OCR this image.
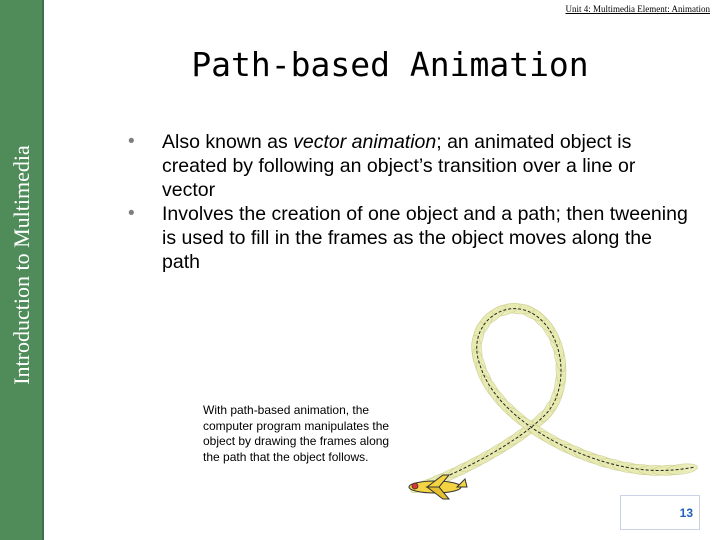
Introduction to Multimedia
Unit 4: Multimedia Element: Animation
Path-based Animation
• Also known as vector animation; an animated object is created by following an object’s transition over a line or vector
• Involves the creation of one object and a path; then tweening is used to fill in the frames as the object moves along the path
With path-based animation, the computer program manipulates the object by drawing the frames along the path that the object follows.
13
